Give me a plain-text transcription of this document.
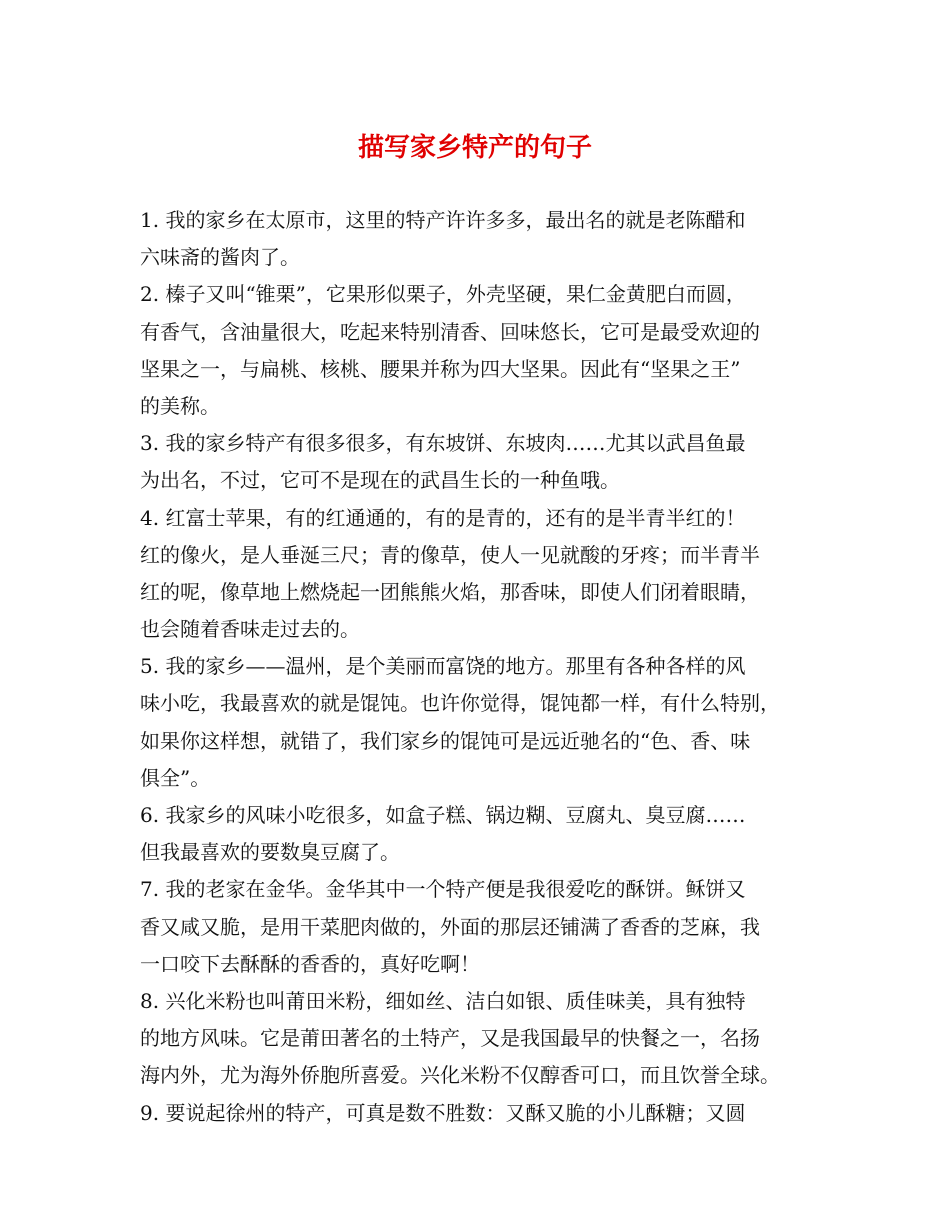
描写家乡特产的句子
1. 我的家乡在太原市，这里的特产许许多多，最出名的就是老陈醋和
六味斋的酱肉了。
2. 榛子又叫“锥栗”，它果形似栗子，外壳坚硬，果仁金黄肥白而圆，
有香气，含油量很大，吃起来特别清香、回味悠长，它可是最受欢迎的
坚果之一，与扁桃、核桃、腰果并称为四大坚果。因此有“坚果之王”
的美称。
3. 我的家乡特产有很多很多，有东坡饼、东坡肉……尤其以武昌鱼最
为出名，不过，它可不是现在的武昌生长的一种鱼哦。
4. 红富士苹果，有的红通通的，有的是青的，还有的是半青半红的！
红的像火，是人垂涎三尺；青的像草，使人一见就酸的牙疼；而半青半
红的呢，像草地上燃烧起一团熊熊火焰，那香味，即使人们闭着眼睛，
也会随着香味走过去的。
5. 我的家乡——温州，是个美丽而富饶的地方。那里有各种各样的风
味小吃，我最喜欢的就是馄饨。也许你觉得，馄饨都一样，有什么特别，
如果你这样想，就错了，我们家乡的馄饨可是远近驰名的“色、香、味
俱全”。
6. 我家乡的风味小吃很多，如盒子糕、锅边糊、豆腐丸、臭豆腐……
但我最喜欢的要数臭豆腐了。
7. 我的老家在金华。金华其中一个特产便是我很爱吃的酥饼。稣饼又
香又咸又脆，是用干菜肥肉做的，外面的那层还铺满了香香的芝麻，我
一口咬下去酥酥的香香的，真好吃啊！
8. 兴化米粉也叫莆田米粉，细如丝、洁白如银、质佳味美，具有独特
的地方风味。它是莆田著名的土特产，又是我国最早的快餐之一，名扬
海内外，尤为海外侨胞所喜爱。兴化米粉不仅醇香可口，而且饮誉全球。
9. 要说起徐州的特产，可真是数不胜数：又酥又脆的小儿酥糖；又圆
